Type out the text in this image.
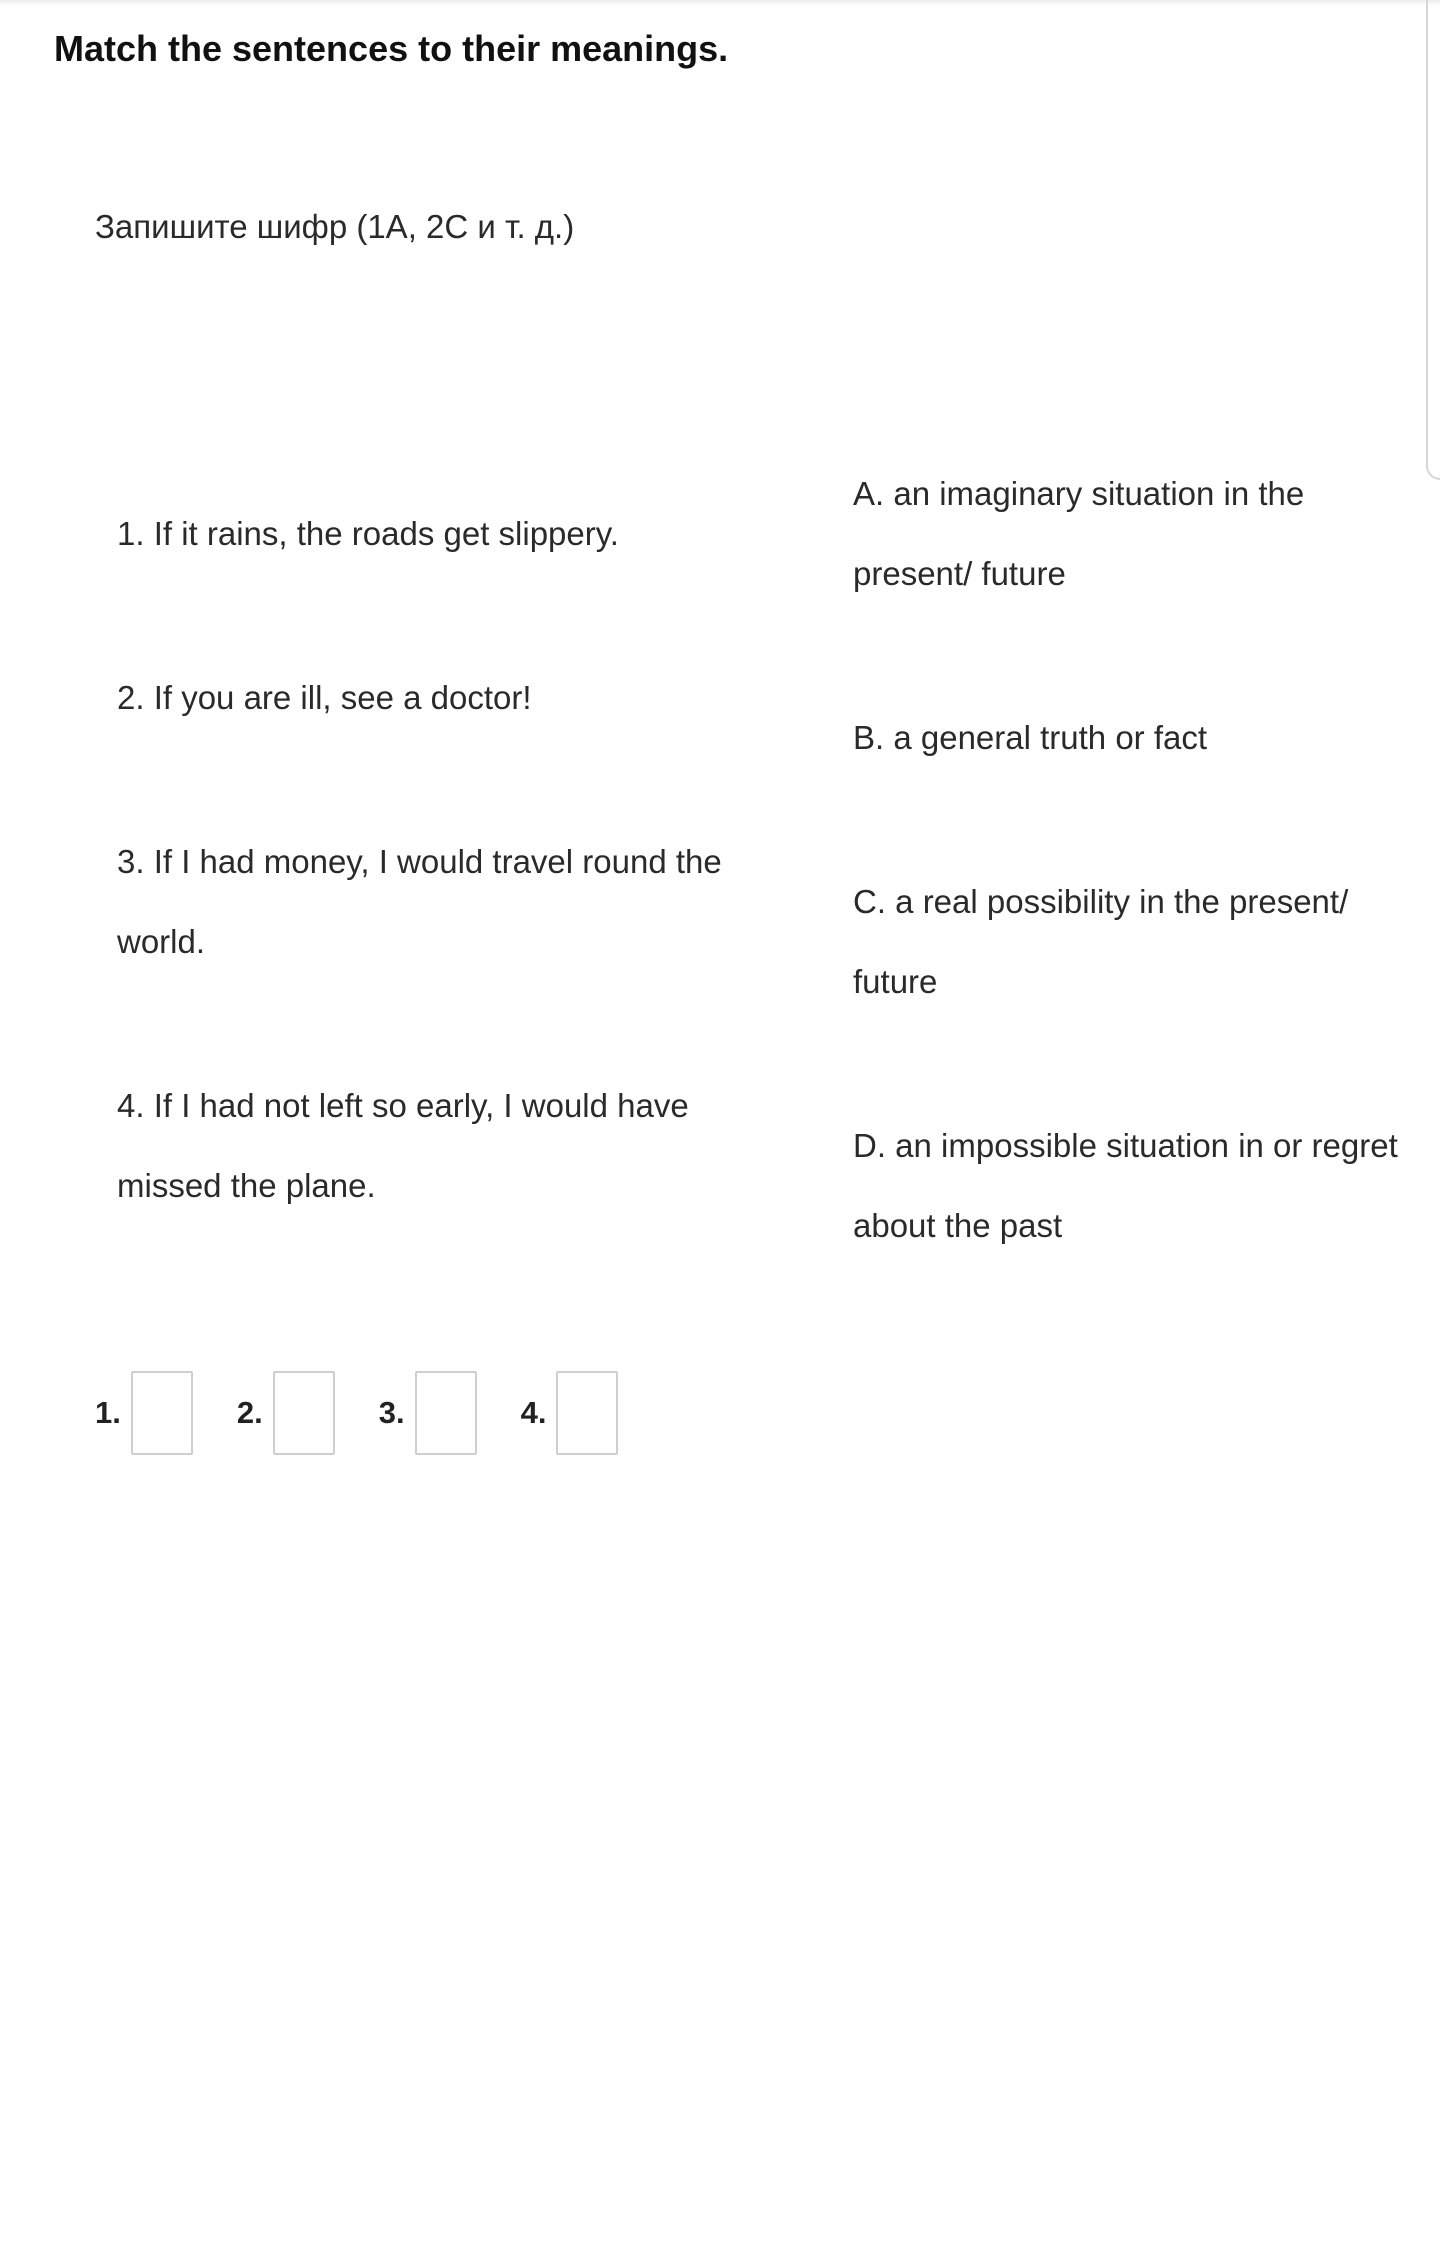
Match the sentences to their meanings.
Запишите шифр (1А, 2С и т. д.)
1. If it rains, the roads get slippery.
2. If you are ill, see a doctor!
3. If I had money, I would travel round the world.
4. If I had not left so early, I would have missed the plane.
A. an imaginary situation in the present/ future
B. a general truth or fact
C. a real possibility in the present/ future
D. an impossible situation in or regret about the past
1.	2.	3.	4.
